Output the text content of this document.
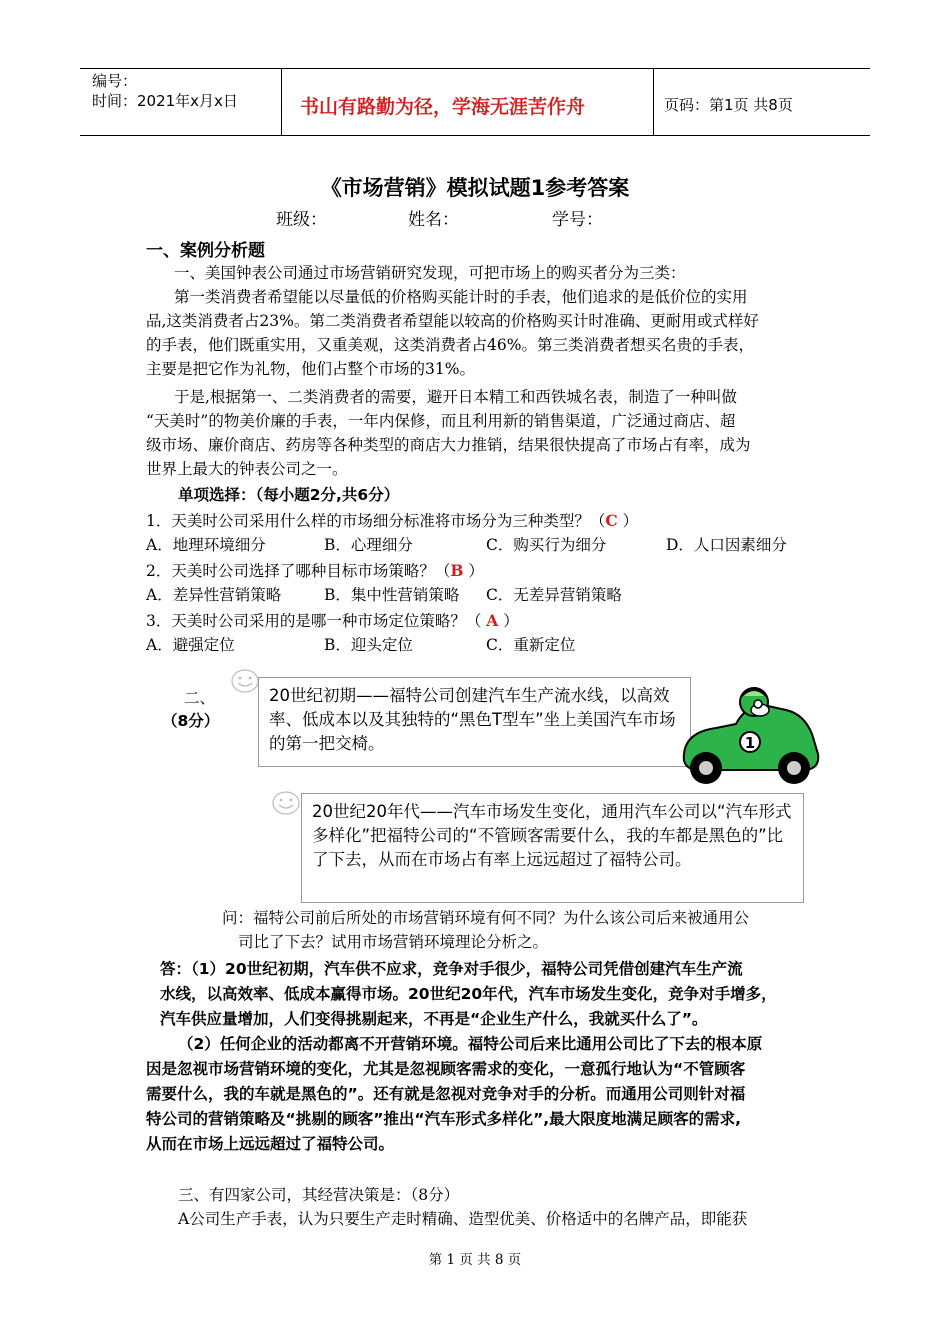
编号：
时间：2021年x月x日	书山有路勤为径，学海无涯苦作舟	页码：第1页 共8页
《市场营销》模拟试题1参考答案
班级：	姓名：	学号：
一、案例分析题
一、美国钟表公司通过市场营销研究发现，可把市场上的购买者分为三类：
第一类消费者希望能以尽量低的价格购买能计时的手表，他们追求的是低价位的实用
品,这类消费者占23%。第二类消费者希望能以较高的价格购买计时准确、更耐用或式样好
的手表，他们既重实用，又重美观，这类消费者占46%。第三类消费者想买名贵的手表，
主要是把它作为礼物，他们占整个市场的31%。
于是,根据第一、二类消费者的需要，避开日本精工和西铁城名表，制造了一种叫做
“天美时”的物美价廉的手表，一年内保修，而且利用新的销售渠道，广泛通过商店、超
级市场、廉价商店、药房等各种类型的商店大力推销，结果很快提高了市场占有率，成为
世界上最大的钟表公司之一。
单项选择：（每小题2分,共6分）
1．天美时公司采用什么样的市场细分标准将市场分为三种类型？（C ）
A．地理环境细分	B．心理细分	C．购买行为细分	D．人口因素细分
2．天美时公司选择了哪种目标市场策略？（B ）
A．差异性营销策略	B．集中性营销策略 C．无差异营销策略
3．天美时公司采用的是哪一种市场定位策略？（ A ）
A．避强定位	B．迎头定位	C．重新定位
二、
（8分）
20世纪初期——福特公司创建汽车生产流水线，以高效率、低成本以及其独特的“黑色T型车”坐上美国汽车市场的第一把交椅。	1
20世纪20年代——汽车市场发生变化，通用汽车公司以“汽车形式多样化”把福特公司的“不管顾客需要什么，我的车都是黑色的”比了下去，从而在市场占有率上远远超过了福特公司。
问：福特公司前后所处的市场营销环境有何不同？为什么该公司后来被通用公
司比了下去？试用市场营销环境理论分析之。
答：（1）20世纪初期，汽车供不应求，竞争对手很少，福特公司凭借创建汽车生产流
水线，以高效率、低成本赢得市场。20世纪20年代，汽车市场发生变化，竞争对手增多，
汽车供应量增加，人们变得挑剔起来，不再是“企业生产什么，我就买什么了”。
（2）任何企业的活动都离不开营销环境。福特公司后来比通用公司比了下去的根本原
因是忽视市场营销环境的变化，尤其是忽视顾客需求的变化，一意孤行地认为“不管顾客
需要什么，我的车就是黑色的”。还有就是忽视对竞争对手的分析。而通用公司则针对福
特公司的营销策略及“挑剔的顾客”推出“汽车形式多样化”,最大限度地满足顾客的需求,
从而在市场上远远超过了福特公司。
三、有四家公司，其经营决策是：（8分）
A公司生产手表，认为只要生产走时精确、造型优美、价格适中的名牌产品，即能获
第 1 页 共 8 页
